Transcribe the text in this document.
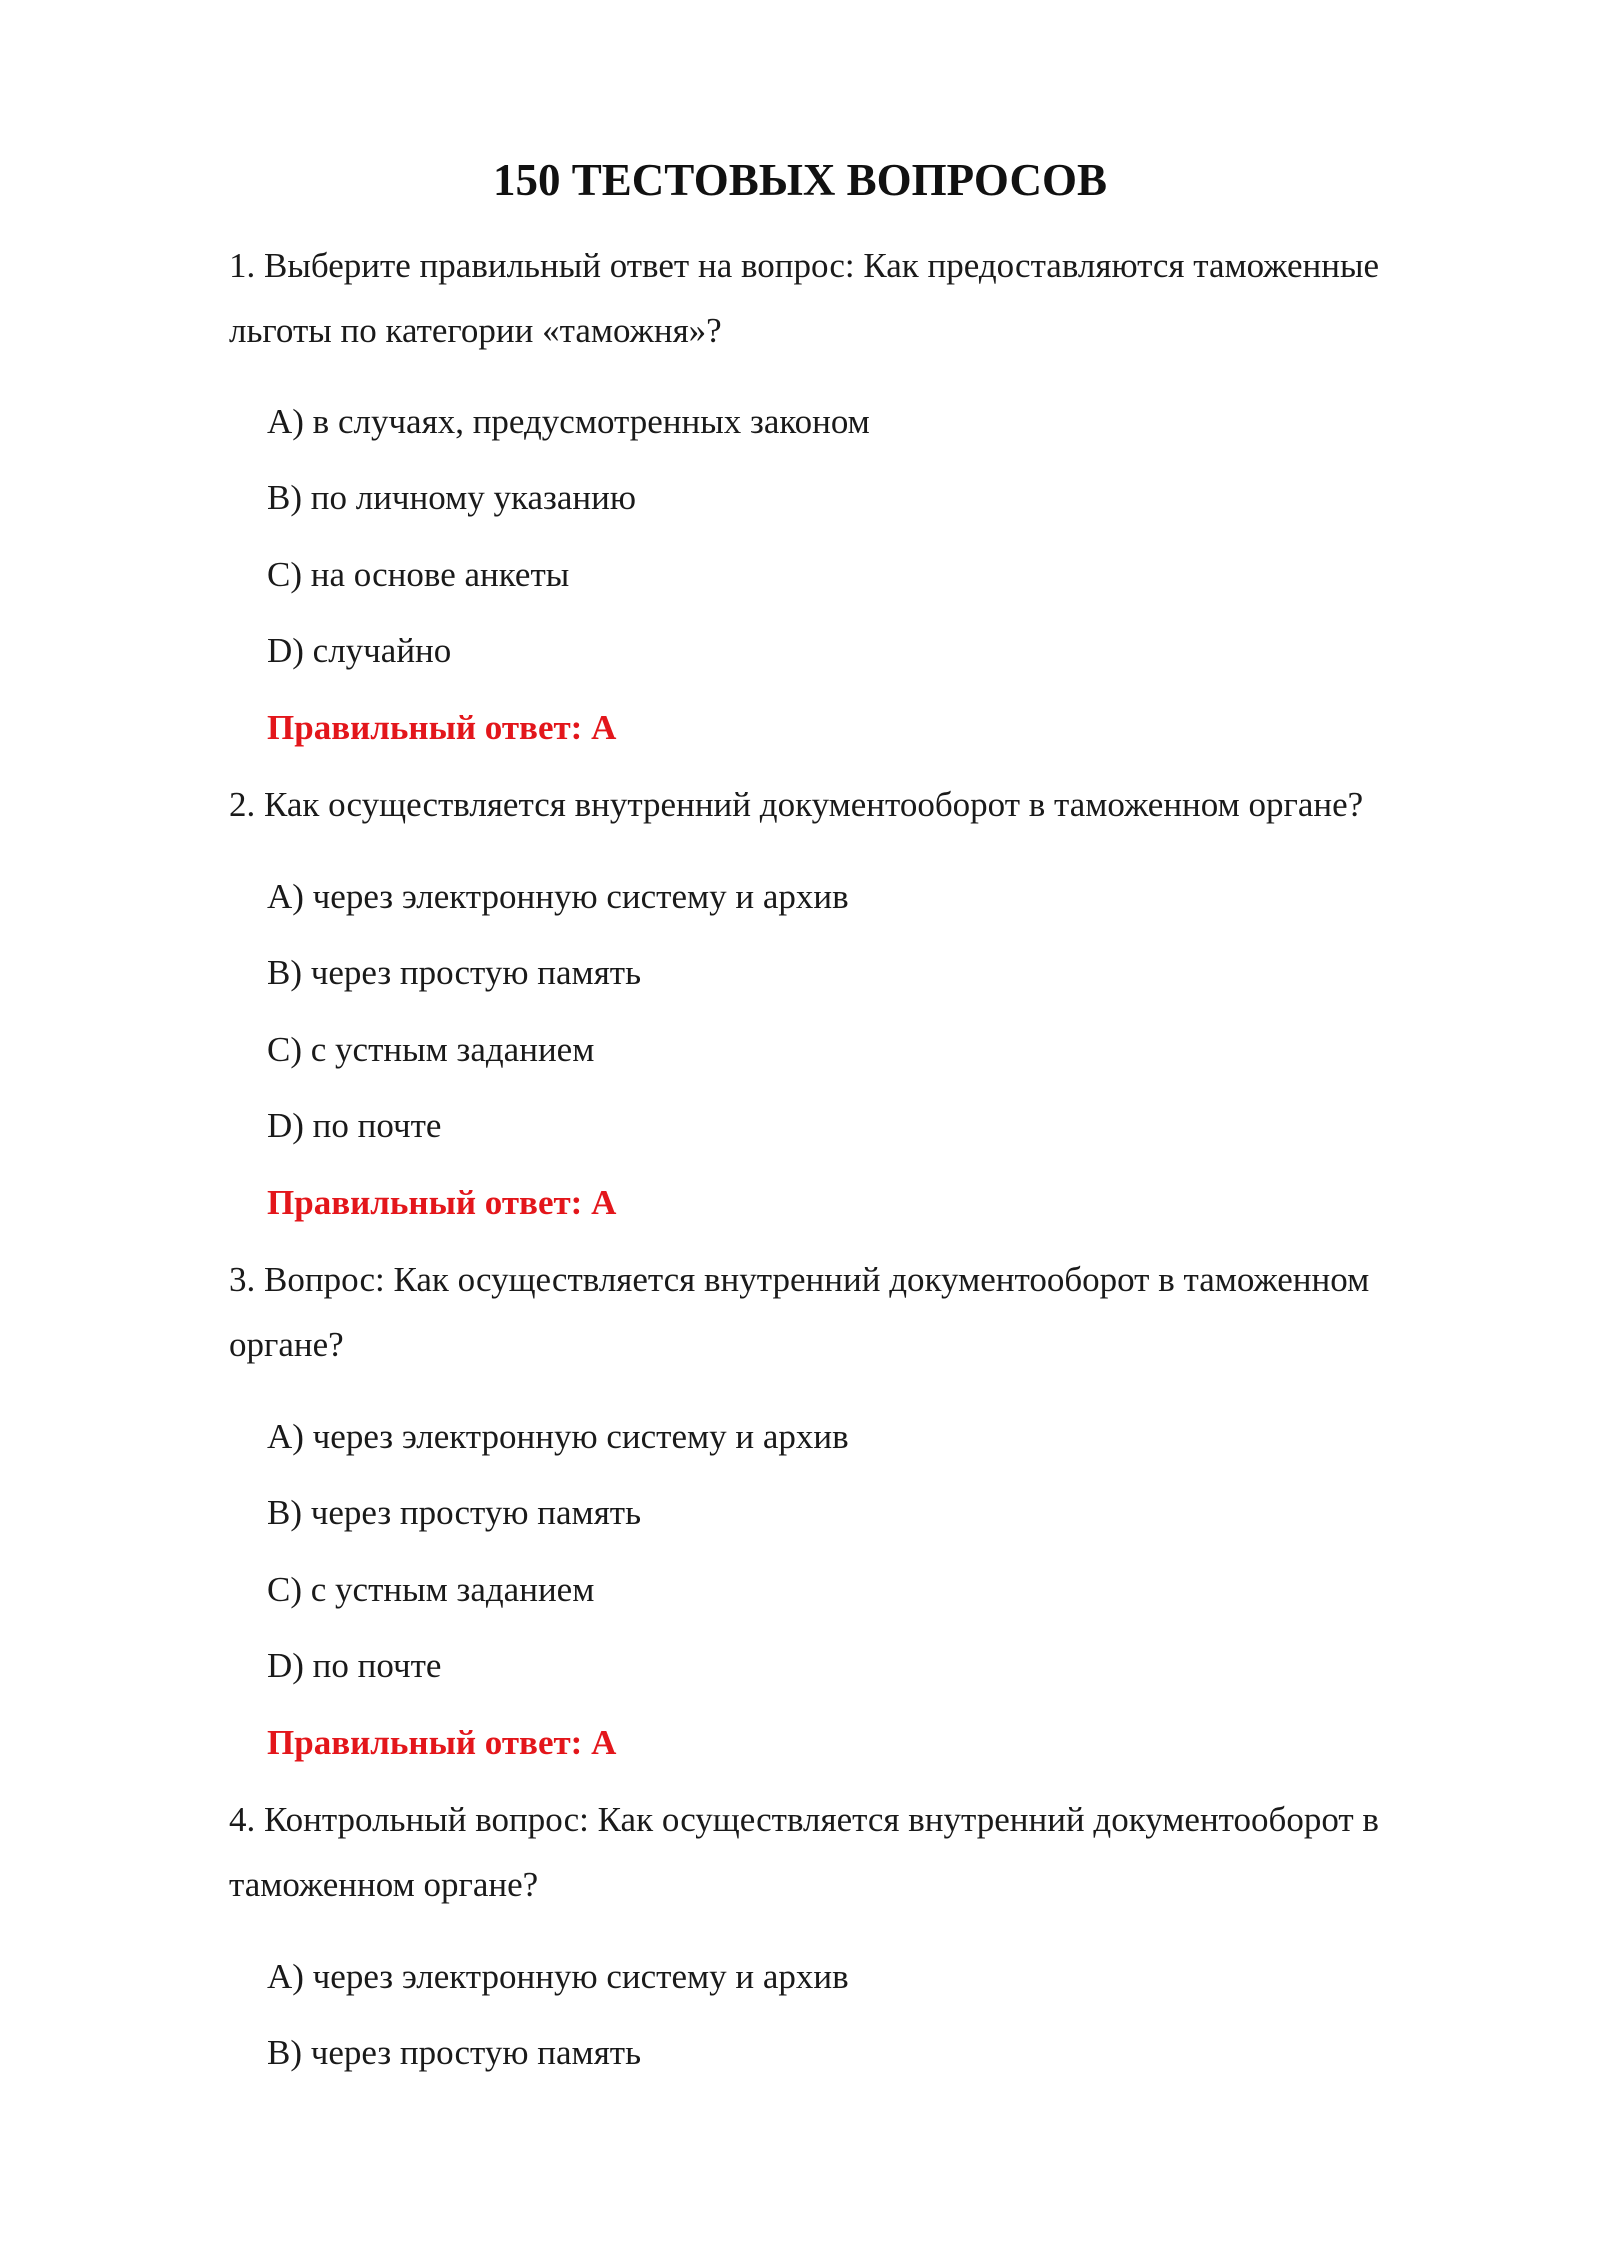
150 ТЕСТОВЫХ ВОПРОСОВ

1. Выберите правильный ответ на вопрос: Как предоставляются таможенные

льготы по категории «таможня»?

A) в случаях, предусмотренных законом

B) по личному указанию

C) на основе анкеты

D) случайно

Правильный ответ: A

2. Как осуществляется внутренний документооборот в таможенном органе?

A) через электронную систему и архив

B) через простую память

C) с устным заданием

D) по почте

Правильный ответ: A

3. Вопрос: Как осуществляется внутренний документооборот в таможенном

органе?

A) через электронную систему и архив

B) через простую память

C) с устным заданием

D) по почте

Правильный ответ: A

4. Контрольный вопрос: Как осуществляется внутренний документооборот в

таможенном органе?

A) через электронную систему и архив

B) через простую память
